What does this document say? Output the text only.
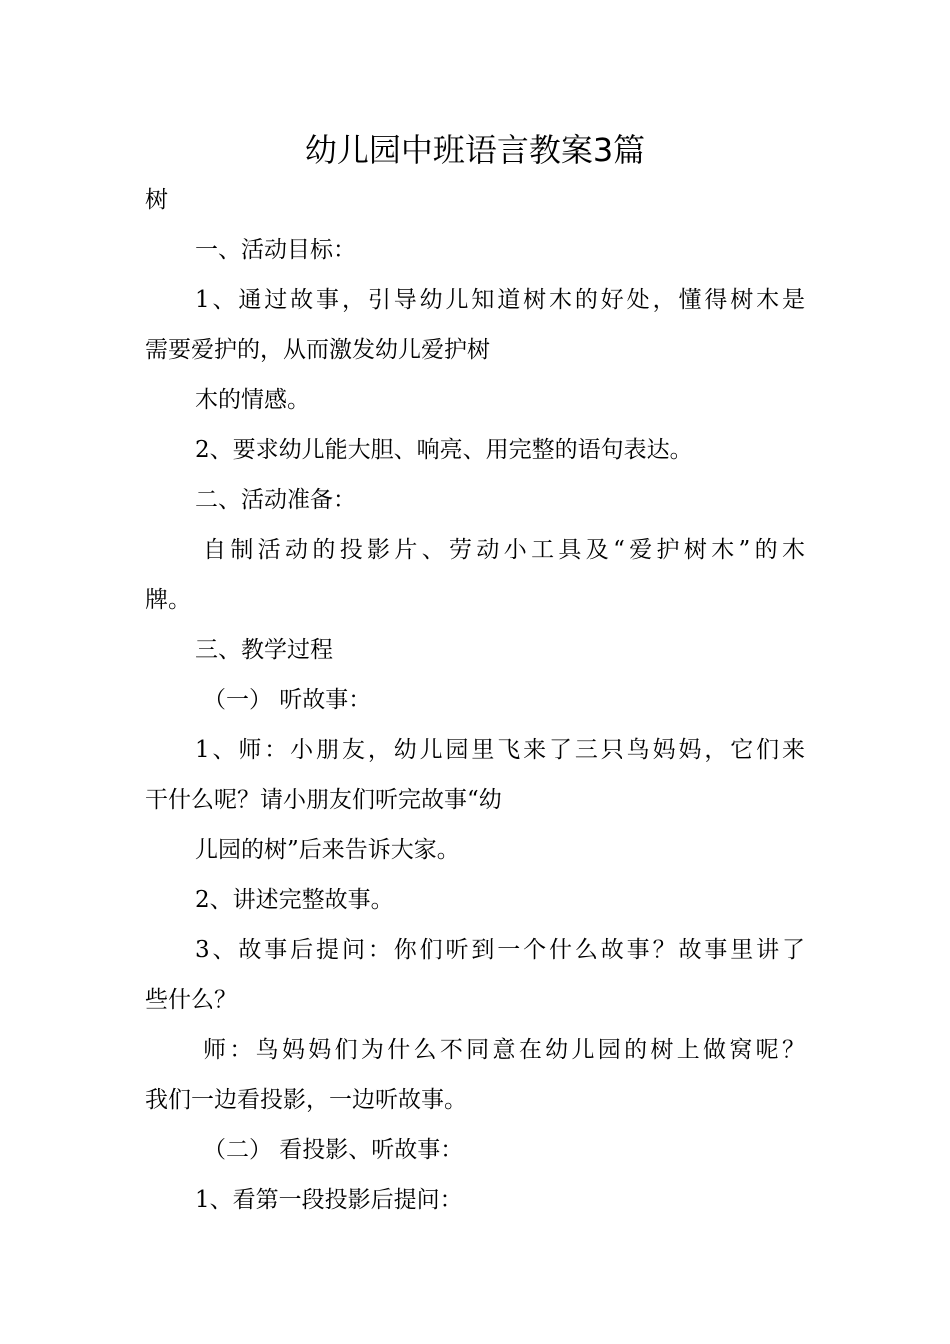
幼儿园中班语言教案3篇
树
一、活动目标：
1、通过故事，引导幼儿知道树木的好处，懂得树木是
需要爱护的，从而激发幼儿爱护树
木的情感。
2、要求幼儿能大胆、响亮、用完整的语句表达。
二、活动准备：
自制活动的投影片、劳动小工具及“爱护树木”的木
牌。
三、教学过程
（一） 听故事：
1、师：小朋友，幼儿园里飞来了三只鸟妈妈，它们来
干什么呢？请小朋友们听完故事“幼
儿园的树”后来告诉大家。
2、讲述完整故事。
3、故事后提问：你们听到一个什么故事？故事里讲了
些什么？
师：鸟妈妈们为什么不同意在幼儿园的树上做窝呢？
我们一边看投影，一边听故事。
（二） 看投影、听故事：
1、看第一段投影后提问：
